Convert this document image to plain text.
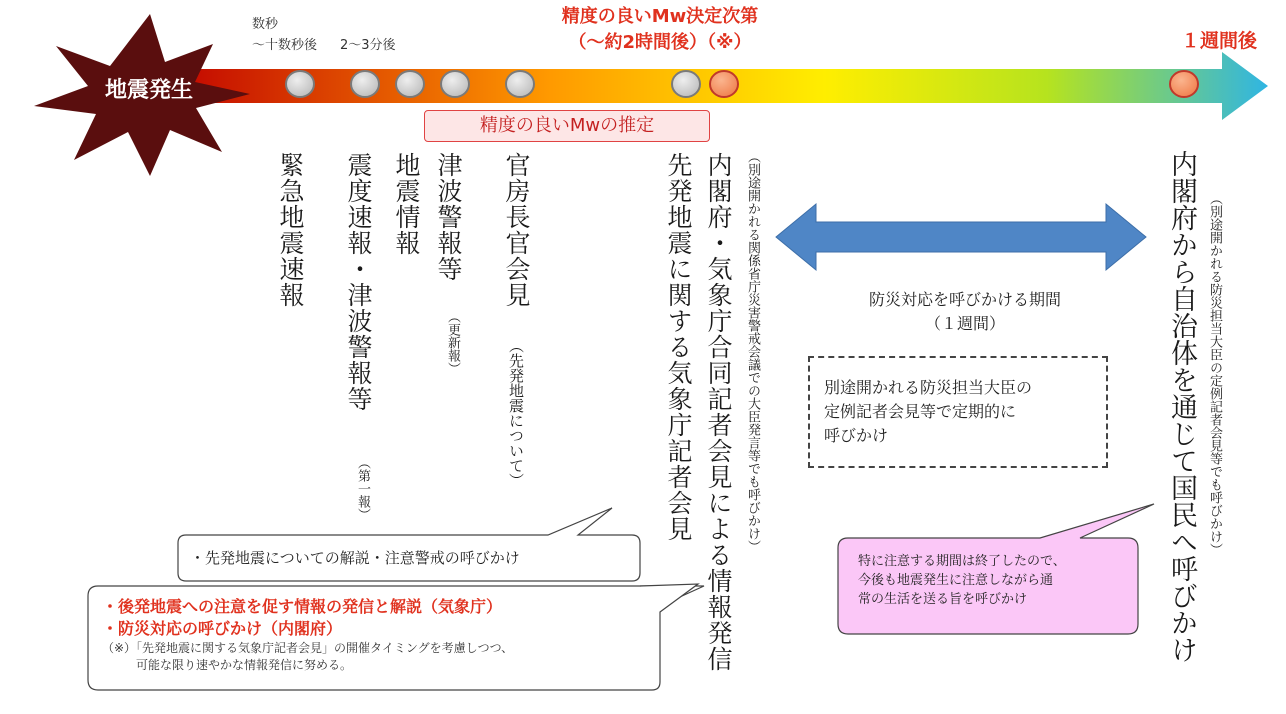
地震発生
数秒
〜十数秒後 2〜3分後
精度の良いMw決定次第
（〜約2時間後）（※）	１週間後
精度の良いMwの推定
緊急地震速報 震度速報・津波警報等
（第一報）
地震情報 津波警報等
（更新報）
官房長官会見
（先発地震について）	先発地震に関する気象庁記者会見 内閣府・気象庁合同記者会見による情報発信 （別途開かれる関係省庁災害警戒会議での大臣発言等でも呼びかけ）	内閣府から自治体を通じて国民へ呼びかけ （別途開かれる防災担当大臣の定例記者会見等でも呼びかけ）
防災対応を呼びかける期間
（１週間）
別途開かれる防災担当大臣の
定例記者会見等で定期的に
呼びかけ
特に注意する期間は終了したので、
今後も地震発生に注意しながら通
常の生活を送る旨を呼びかけ
・先発地震についての解説・注意警戒の呼びかけ
・後発地震への注意を促す情報の発信と解説（気象庁）
・防災対応の呼びかけ（内閣府）
（※）「先発地震に関する気象庁記者会見」の開催タイミングを考慮しつつ、
可能な限り速やかな情報発信に努める。
